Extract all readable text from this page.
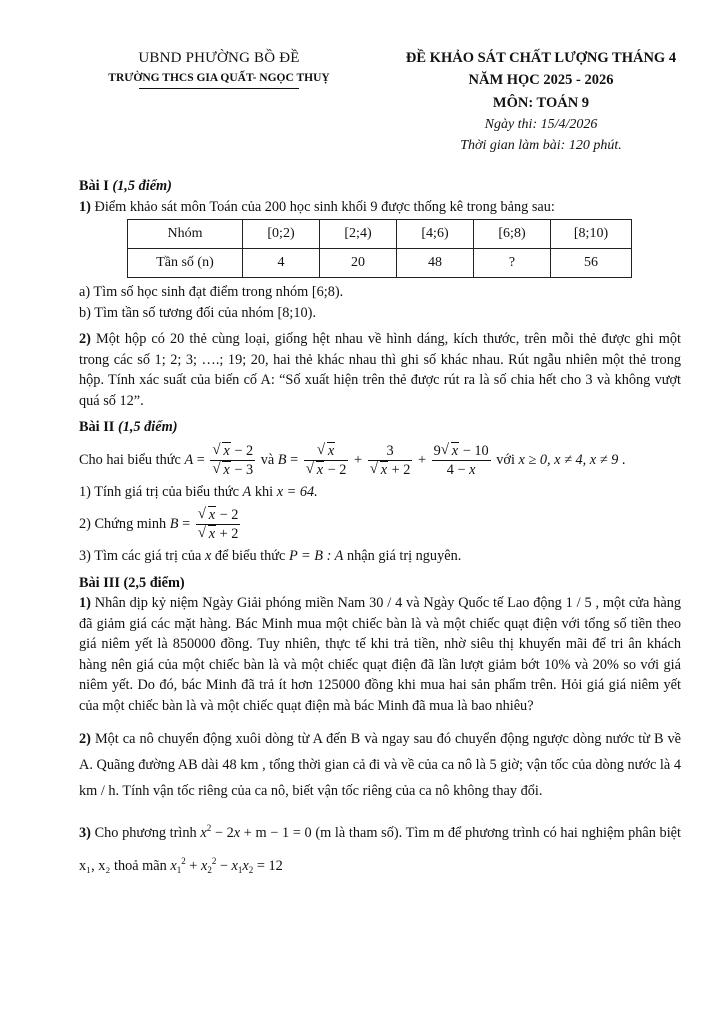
UBND PHƯỜNG BỒ ĐỀ
TRƯỜNG THCS GIA QUẤT- NGỌC THUỴ
ĐỀ KHẢO SÁT CHẤT LƯỢNG THÁNG 4
NĂM HỌC 2025 - 2026
MÔN: TOÁN 9
Ngày thi: 15/4/2026
Thời gian làm bài: 120 phút.

Bài I (1,5 điểm)

1) Điểm khảo sát môn Toán của 200 học sinh khối 9 được thống kê trong bảng sau:

Nhóm	[0;2)	[2;4)	[4;6)	[6;8)	[8;10)
Tần số (n)	4	20	48	?	56

a) Tìm số học sinh đạt điểm trong nhóm [6;8).

b) Tìm tần số tương đối của nhóm [8;10).

2) Một hộp có 20 thẻ cùng loại, giống hệt nhau về hình dáng, kích thước, trên mỗi thẻ được ghi một trong các số 1; 2; 3; ….; 19; 20, hai thẻ khác nhau thì ghi số khác nhau. Rút ngẫu nhiên một thẻ trong hộp. Tính xác suất của biến cố A: “Số xuất hiện trên thẻ được rút ra là số chia hết cho 3 và không vượt quá số 12”.

Bài II (1,5 điểm)

Cho hai biểu thức $A = \frac{√ x - 2}{√ x - 3}$ và $B = \frac{√ x}{√ x - 2} + \frac{3}{√ x + 2} + \frac{9 √ x - 10}{4 - x}$ với x ≥ 0, x ≠ 4, x ≠ 9 .

1) Tính giá trị của biểu thức A khi x = 64.

2) Chứng minh $B = \frac{√ x - 2}{√ x + 2}$

3) Tìm các giá trị của x để biểu thức P = B : A nhận giá trị nguyên.

Bài III (2,5 điểm)

1) Nhân dịp kỷ niệm Ngày Giải phóng miền Nam 30 / 4 và Ngày Quốc tế Lao động 1 / 5 , một cửa hàng đã giảm giá các mặt hàng. Bác Minh mua một chiếc bàn là và một chiếc quạt điện với tổng số tiền theo giá niêm yết là 850000 đồng. Tuy nhiên, thực tế khi trả tiền, nhờ siêu thị khuyến mãi để tri ân khách hàng nên giá của một chiếc bàn là và một chiếc quạt điện đã lần lượt giảm bớt 10% và 20% so với giá niêm yết. Do đó, bác Minh đã trả ít hơn 125000 đồng khi mua hai sản phẩm trên. Hỏi giá giá niêm yết của một chiếc bàn là và một chiếc quạt điện mà bác Minh đã mua là bao nhiêu?

2) Một ca nô chuyển động xuôi dòng từ A đến B và ngay sau đó chuyển động ngược dòng nước từ B về A. Quãng đường AB dài 48 km , tổng thời gian cả đi và về của ca nô là 5 giờ; vận tốc của dòng nước là 4 km / h. Tính vận tốc riêng của ca nô, biết vận tốc riêng của ca nô không thay đổi.

3) Cho phương trình $x^2 - 2x + m - 1 = 0$ (m là tham số). Tìm m để phương trình có hai nghiệm phân biệt x₁, x₂ thoả mãn $x_1^2 + x_2^2 - x_1x_2 = 12$
